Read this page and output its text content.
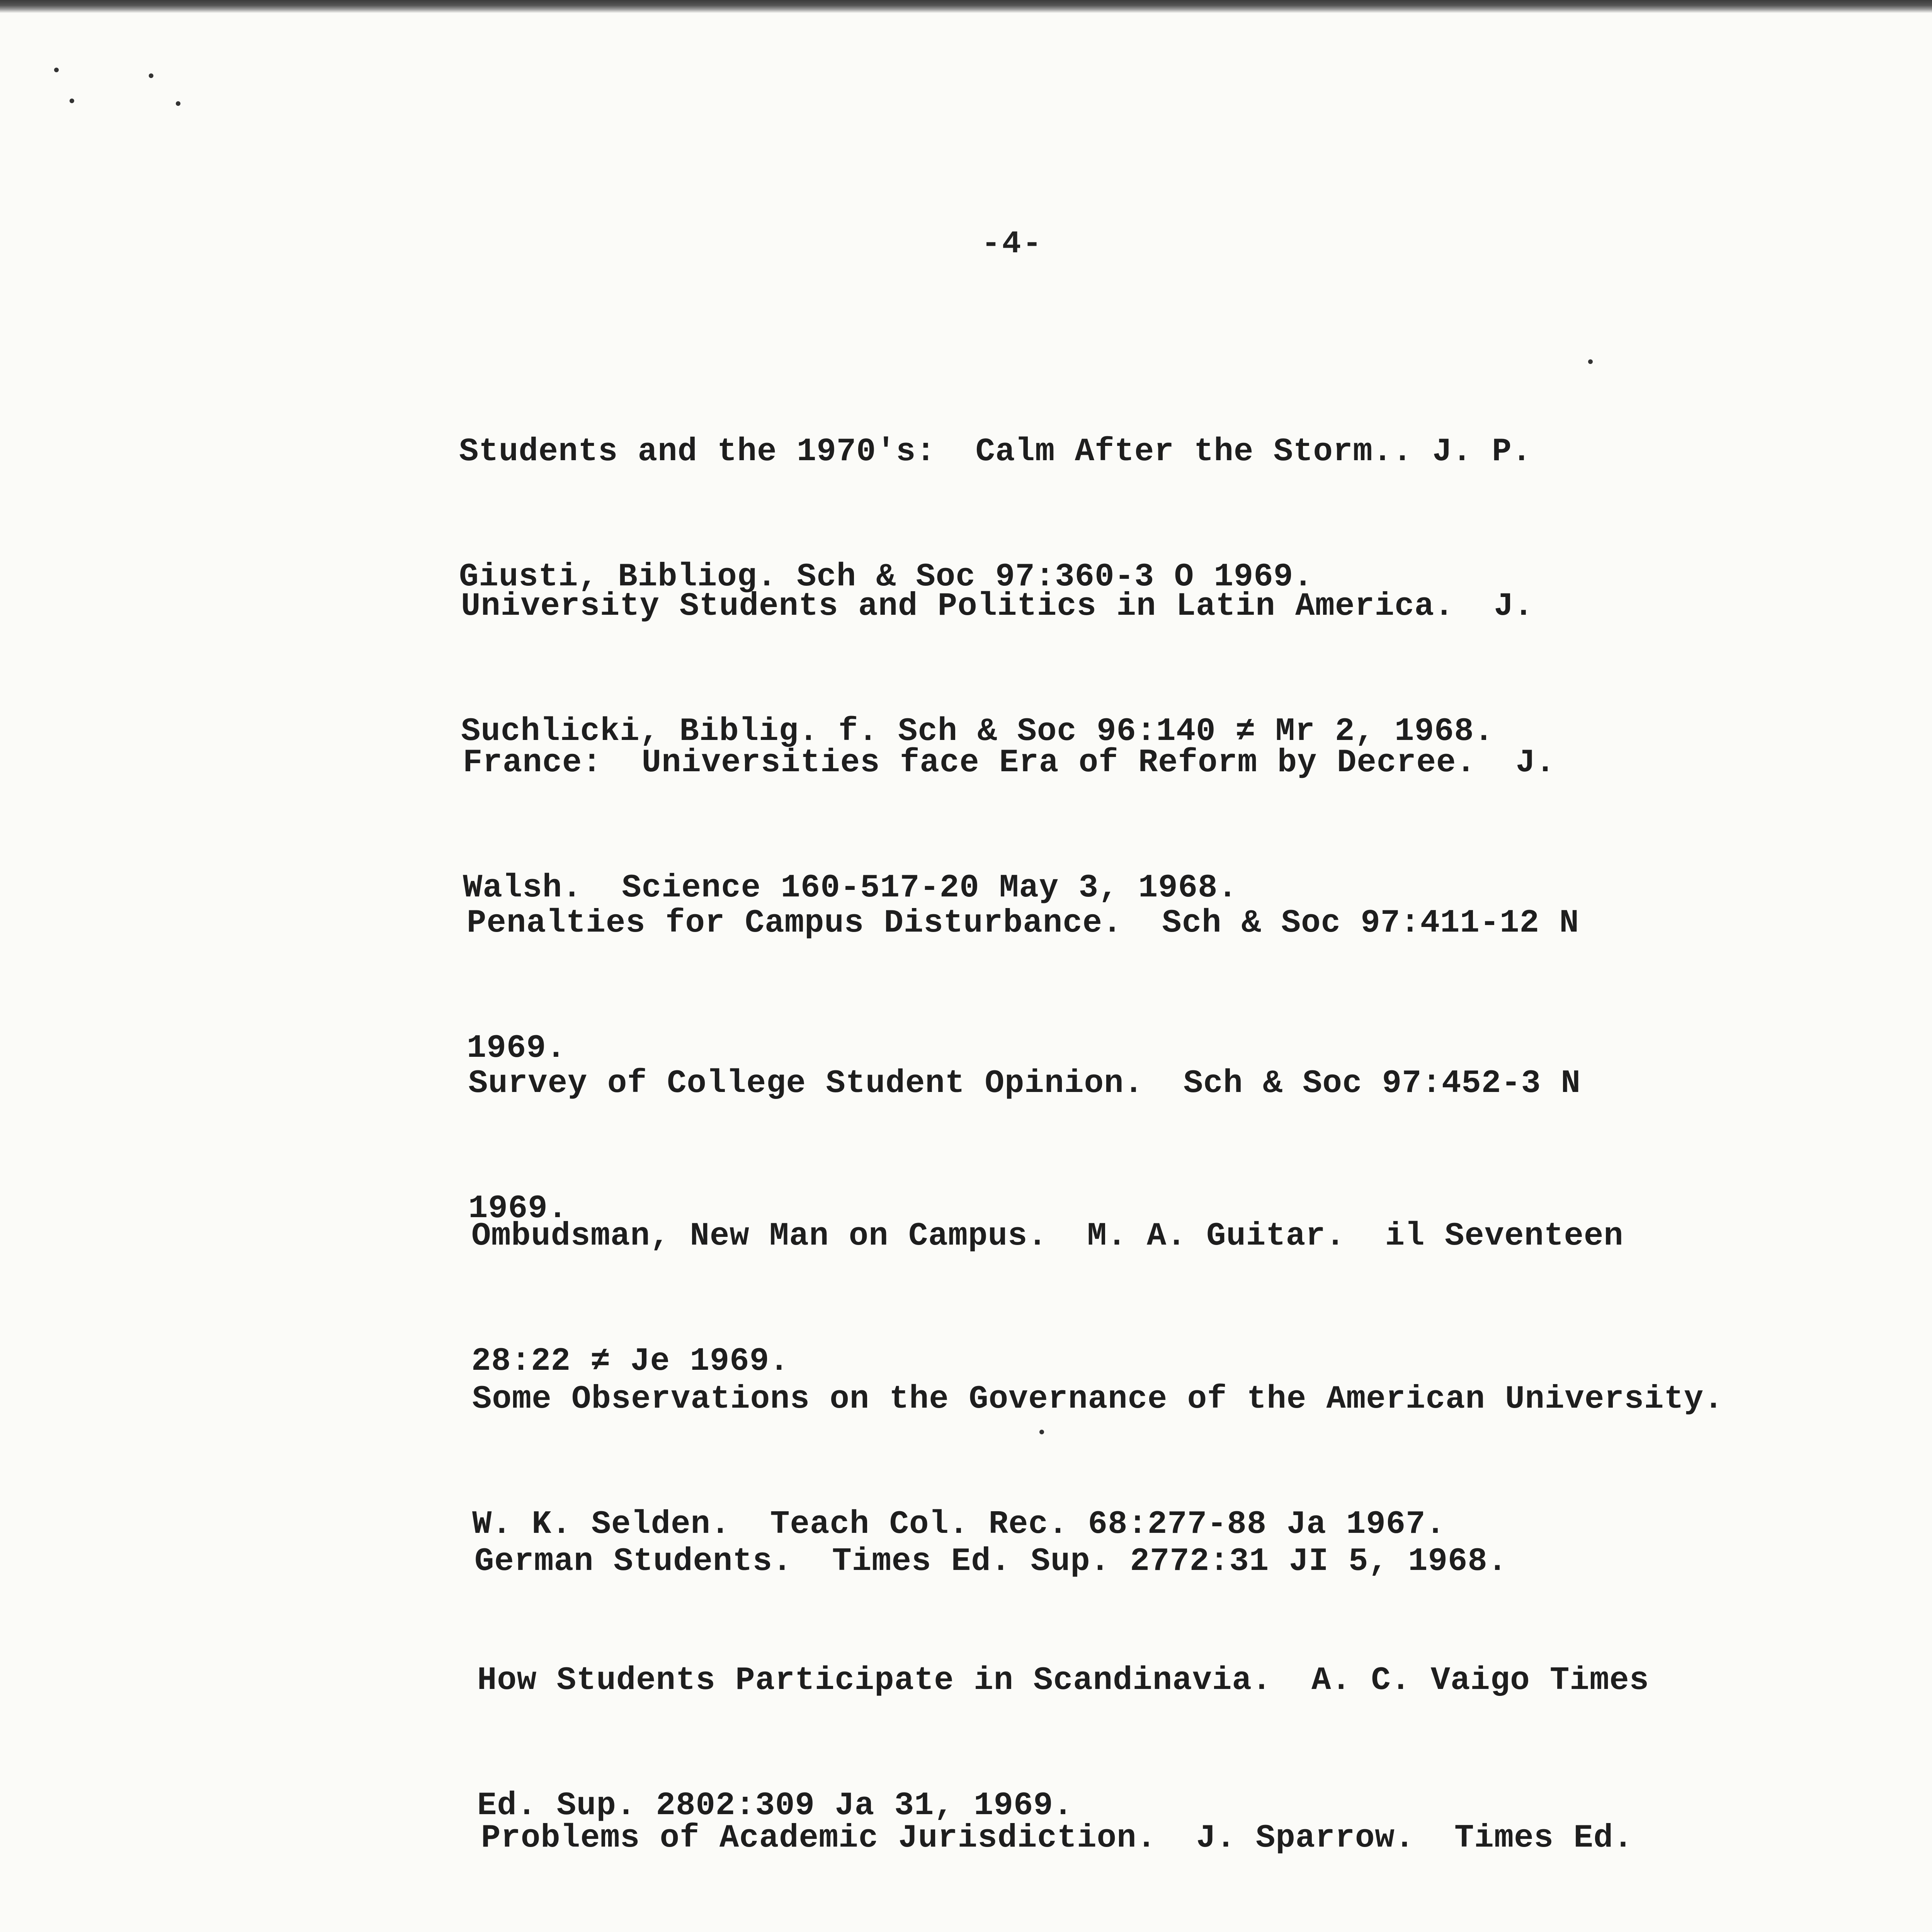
-4-

Students and the 1970's:  Calm After the Storm.. J. P.

Giusti, Bibliog. Sch & Soc 97:360-3 O 1969.

University Students and Politics in Latin America.  J.

Suchlicki, Biblig. f. Sch & Soc 96:140 ≠ Mr 2, 1968.

France:  Universities face Era of Reform by Decree.  J.

Walsh.  Science 160-517-20 May 3, 1968.

Penalties for Campus Disturbance.  Sch & Soc 97:411-12 N

1969.

Survey of College Student Opinion.  Sch & Soc 97:452-3 N

1969.

Ombudsman, New Man on Campus.  M. A. Guitar.  il Seventeen

28:22 ≠ Je 1969.

Some Observations on the Governance of the American University.

W. K. Selden.  Teach Col. Rec. 68:277-88 Ja 1967.

German Students.  Times Ed. Sup. 2772:31 JI 5, 1968.

How Students Participate in Scandinavia.  A. C. Vaigo Times

Ed. Sup. 2802:309 Ja 31, 1969.

Problems of Academic Jurisdiction.  J. Sparrow.  Times Ed.
